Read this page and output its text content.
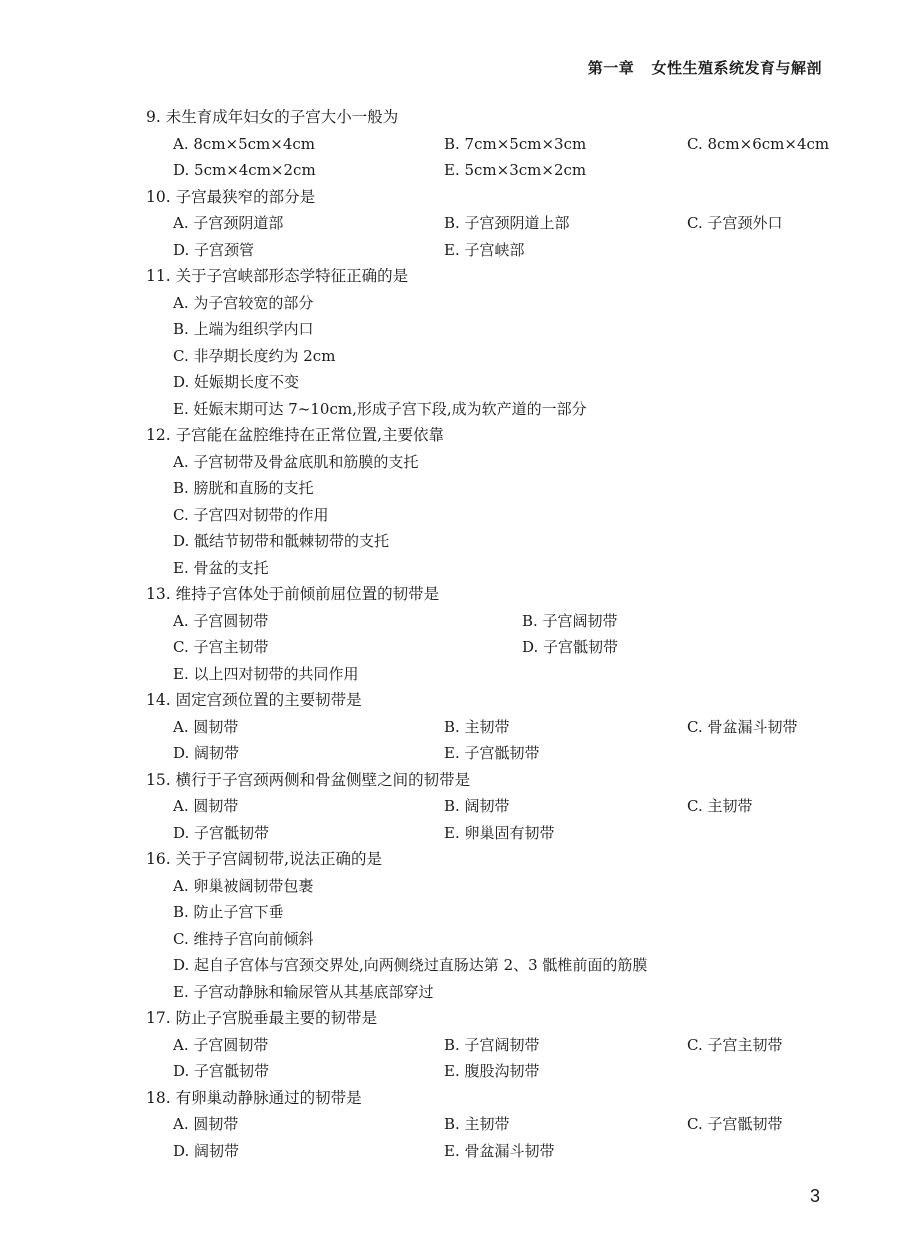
第一章 女性生殖系统发育与解剖
9. 未生育成年妇女的子宫大小一般为
A. 8cm×5cm×4cm	B. 7cm×5cm×3cm	C. 8cm×6cm×4cm
D. 5cm×4cm×2cm	E. 5cm×3cm×2cm
10. 子宫最狭窄的部分是
A. 子宫颈阴道部	B. 子宫颈阴道上部	C. 子宫颈外口
D. 子宫颈管	E. 子宫峡部
11. 关于子宫峡部形态学特征正确的是
A. 为子宫较宽的部分
B. 上端为组织学内口
C. 非孕期长度约为 2cm
D. 妊娠期长度不变
E. 妊娠末期可达 7~10cm,形成子宫下段,成为软产道的一部分
12. 子宫能在盆腔维持在正常位置,主要依靠
A. 子宫韧带及骨盆底肌和筋膜的支托
B. 膀胱和直肠的支托
C. 子宫四对韧带的作用
D. 骶结节韧带和骶棘韧带的支托
E. 骨盆的支托
13. 维持子宫体处于前倾前屈位置的韧带是
A. 子宫圆韧带	B. 子宫阔韧带
C. 子宫主韧带	D. 子宫骶韧带
E. 以上四对韧带的共同作用
14. 固定宫颈位置的主要韧带是
A. 圆韧带	B. 主韧带	C. 骨盆漏斗韧带
D. 阔韧带	E. 子宫骶韧带
15. 横行于子宫颈两侧和骨盆侧壁之间的韧带是
A. 圆韧带	B. 阔韧带	C. 主韧带
D. 子宫骶韧带	E. 卵巢固有韧带
16. 关于子宫阔韧带,说法正确的是
A. 卵巢被阔韧带包裹
B. 防止子宫下垂
C. 维持子宫向前倾斜
D. 起自子宫体与宫颈交界处,向两侧绕过直肠达第 2、3 骶椎前面的筋膜
E. 子宫动静脉和输尿管从其基底部穿过
17. 防止子宫脱垂最主要的韧带是
A. 子宫圆韧带	B. 子宫阔韧带	C. 子宫主韧带
D. 子宫骶韧带	E. 腹股沟韧带
18. 有卵巢动静脉通过的韧带是
A. 圆韧带	B. 主韧带	C. 子宫骶韧带
D. 阔韧带	E. 骨盆漏斗韧带
3
